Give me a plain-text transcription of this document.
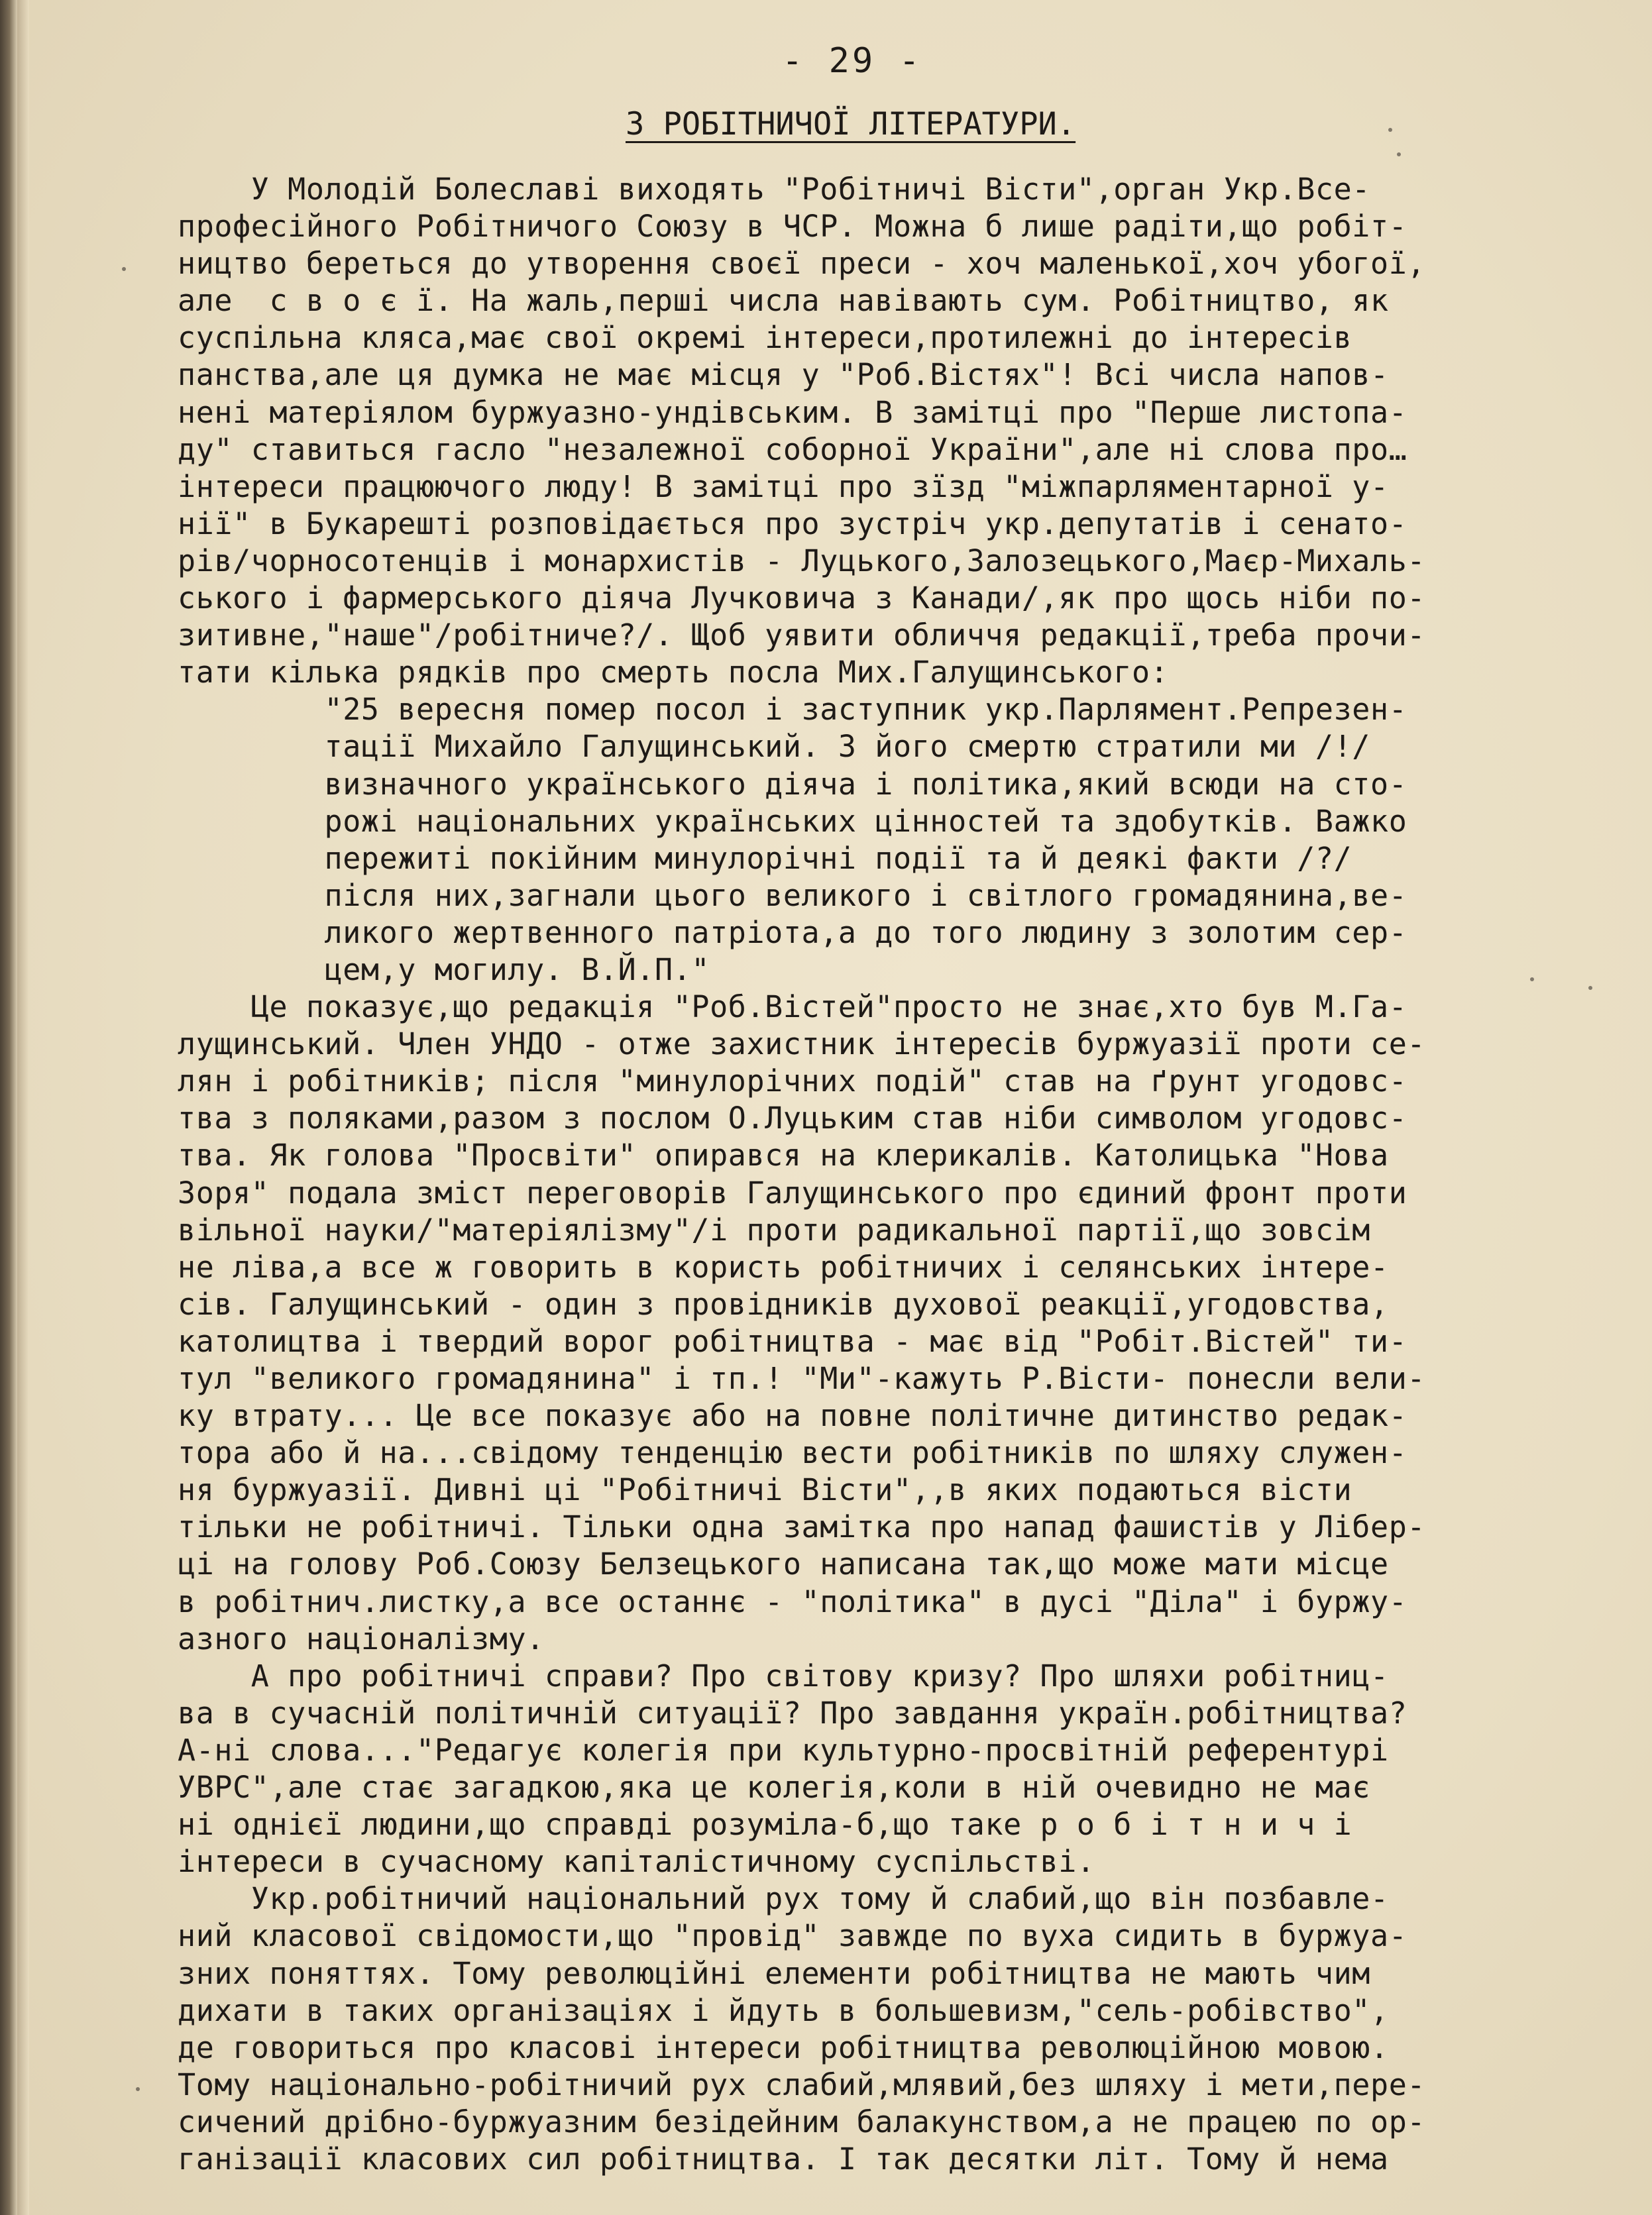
- 29 -
З РОБІТНИЧОЇ ЛІТЕРАТУРИ.
У Молодій Болеславі виходять "Робітничі Вісти",орган Укр.Все-
професійного Робітничого Союзу в ЧСР. Можна б лише радіти,що робіт-
ництво береться до утворення своєї преси - хоч маленької,хоч убогої,
але  с в о є ї. На жаль,перші числа навівають сум. Робітництво, як
суспільна кляса,має свої окремі інтереси,протилежні до інтересів
панства,але ця думка не має місця у "Роб.Вістях"! Всі числа напов-
нені матеріялом буржуазно-ундівським. В замітці про "Перше листопа-
ду" ставиться гасло "незалежної соборної України",але ні слова про…
інтереси працюючого люду! В замітці про зїзд "міжпарляментарної у-
нії" в Букарешті розповідається про зустріч укр.депутатів і сенато-
рів/чорносотенців і монархистів - Луцького,Залозецького,Маєр-Михаль-
ського і фармерського діяча Лучковича з Канади/,як про щось ніби по-
зитивне,"наше"/робітниче?/. Щоб уявити обличчя редакції,треба прочи-
тати кілька рядків про смерть посла Мих.Галущинського:
"25 вересня помер посол і заступник укр.Парлямент.Репрезен-
тації Михайло Галущинський. З його смертю стратили ми /!/
визначного українського діяча і політика,який всюди на сто-
рожі національних українських цінностей та здобутків. Важко
пережиті покійним минулорічні події та й деякі факти /?/
після них,загнали цього великого і світлого громадянина,ве-
ликого жертвенного патріота,а до того людину з золотим сер-
цем,у могилу. В.Й.П."
Це показує,що редакція "Роб.Вістей"просто не знає,хто був М.Га-
лущинський. Член УНДО - отже захистник інтересів буржуазії проти се-
лян і робітників; після "минулорічних подій" став на ґрунт угодовс-
тва з поляками,разом з послом О.Луцьким став ніби символом угодовс-
тва. Як голова "Просвіти" опирався на клерикалів. Католицька "Нова
Зоря" подала зміст переговорів Галущинського про єдиний фронт проти
вільної науки/"матеріялізму"/і проти радикальної партії,що зовсім
не ліва,а все ж говорить в користь робітничих і селянських інтере-
сів. Галущинський - один з провідників духової реакції,угодовства,
католицтва і твердий ворог робітництва - має від "Робіт.Вістей" ти-
тул "великого громадянина" і тп.! "Ми"-кажуть Р.Вісти- понесли вели-
ку втрату... Це все показує або на повне політичне дитинство редак-
тора або й на...свідому тенденцію вести робітників по шляху служен-
ня буржуазії. Дивні ці "Робітничі Вісти",,в яких подаються вісти
тільки не робітничі. Тільки одна замітка про напад фашистів у Лібер-
ці на голову Роб.Союзу Белзецького написана так,що може мати місце
в робітнич.листку,а все останнє - "політика" в дусі "Діла" і буржу-
азного націоналізму.
А про робітничі справи? Про світову кризу? Про шляхи робітниц-
ва в сучасній політичній ситуації? Про завдання україн.робітництва?
А-ні слова..."Редагує колегія при культурно-просвітній референтурі
УВРС",але стає загадкою,яка це колегія,коли в ній очевидно не має
ні однієї людини,що справді розуміла-б,що таке р о б і т н и ч і
інтереси в сучасному капіталістичному суспільстві.
Укр.робітничий національний рух тому й слабий,що він позбавле-
ний класової свідомости,що "провід" завжде по вуха сидить в буржуа-
зних поняттях. Тому революційні елементи робітництва не мають чим
дихати в таких організаціях і йдуть в большевизм,"сель-робівство",
де говориться про класові інтереси робітництва революційною мовою.
Тому національно-робітничий рух слабий,млявий,без шляху і мети,пере-
сичений дрібно-буржуазним безідейним балакунством,а не працею по ор-
ганізації класових сил робітництва. І так десятки літ. Тому й нема
